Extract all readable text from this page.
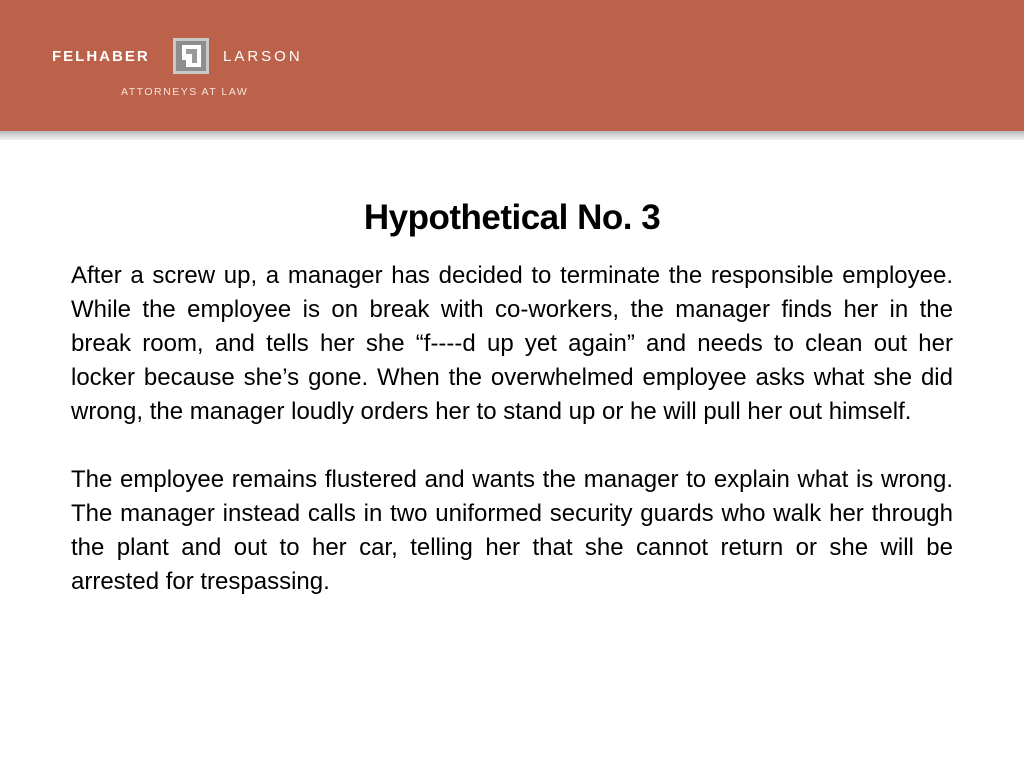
FELHABER	LARSON
ATTORNEYS AT LAW
Hypothetical No. 3

After a screw up, a manager has decided to terminate the responsible employee. While the employee is on break with co-workers, the manager finds her in the break room, and tells her she “f----d up yet again” and needs to clean out her locker because she’s gone. When the overwhelmed employee asks what she did wrong, the manager loudly orders her to stand up or he will pull her out himself.

The employee remains flustered and wants the manager to explain what is wrong. The manager instead calls in two uniformed security guards who walk her through the plant and out to her car, telling her that she cannot return or she will be arrested for trespassing.
